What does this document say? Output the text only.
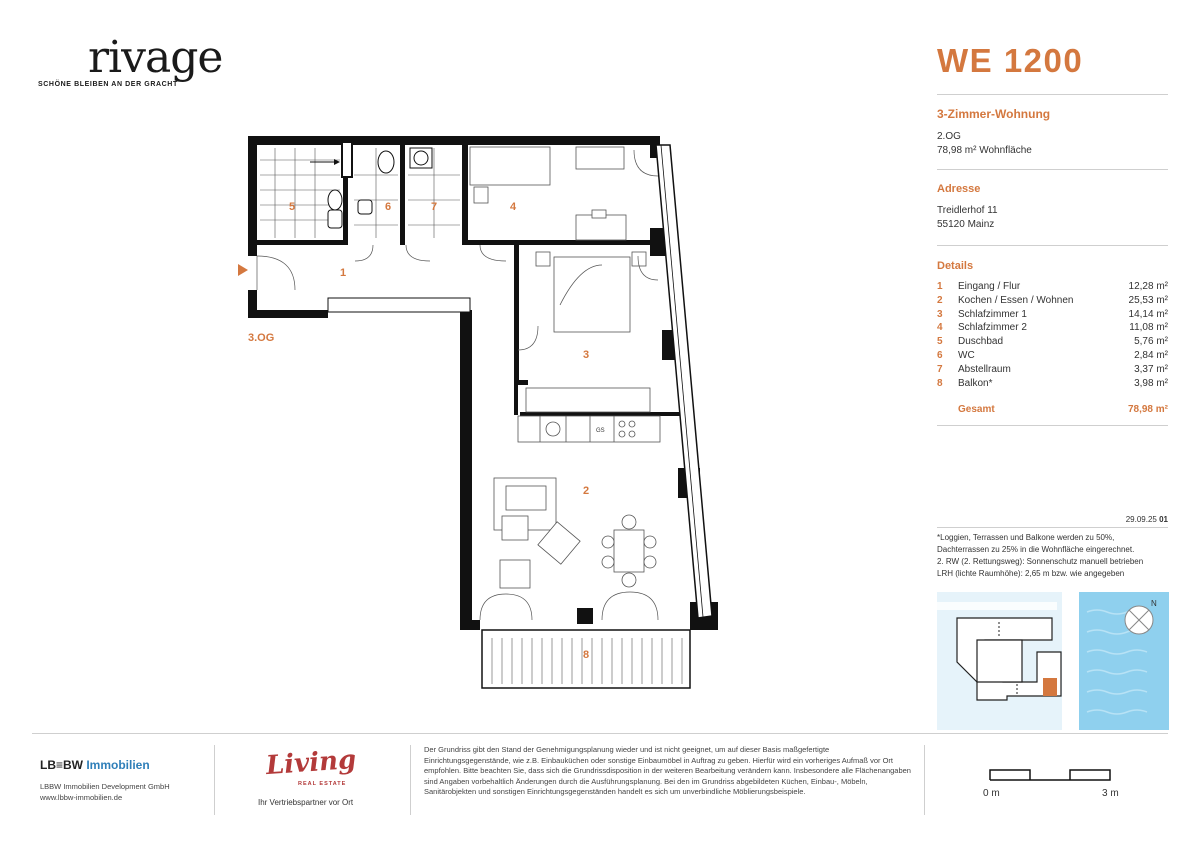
rivage
SCHÖNE BLEIBEN AN DER GRACHT
WE 1200
3-Zimmer-Wohnung
2.OG
78,98 m² Wohnfläche
Adresse
Treidlerhof 11
55120 Mainz
Details
1	Eingang / Flur	12,28 m²
2	Kochen / Essen / Wohnen	25,53 m²
3	Schlafzimmer 1	14,14 m²
4	Schlafzimmer 2	11,08 m²
5	Duschbad	5,76 m²
6	WC	2,84 m²
7	Abstellraum	3,37 m²
8	Balkon*	3,98 m²
Gesamt	78,98 m²
29.09.25 01
*Loggien, Terrassen und Balkone werden zu 50%,
Dachterrassen zu 25% in die Wohnfläche eingerechnet.
2. RW (2. Rettungsweg): Sonnenschutz manuell betrieben
LRH (lichte Raumhöhe): 2,65 m bzw. wie angegeben
N
3.OG
GS
1
2
3
4
5	6	7
8
LB≡BW Immobilien
LBBW Immobilien Development GmbH
www.lbbw-immobilien.de
Living
REAL ESTATE
Ihr Vertriebspartner vor Ort
Der Grundriss gibt den Stand der Genehmigungsplanung wieder und ist nicht geeignet, um auf dieser Basis maßgefertigte Einrichtungsgegenstände, wie z.B. Einbauküchen oder sonstige Einbaumöbel in Auftrag zu geben. Hierfür wird ein vorheriges Aufmaß vor Ort empfohlen. Bitte beachten Sie, dass sich die Grundrissdisposition in der weiteren Bearbeitung verändern kann. Insbesondere alle Flächenangaben sind Angaben vorbehaltlich Änderungen durch die Ausführungsplanung. Bei den im Grundriss abgebildeten Küchen, Einbau-, Möbeln, Sanitärobjekten und sonstigen Einrichtungsgegenständen handelt es sich um unverbindliche Möblierungsbeispiele.	0 m	3 m
